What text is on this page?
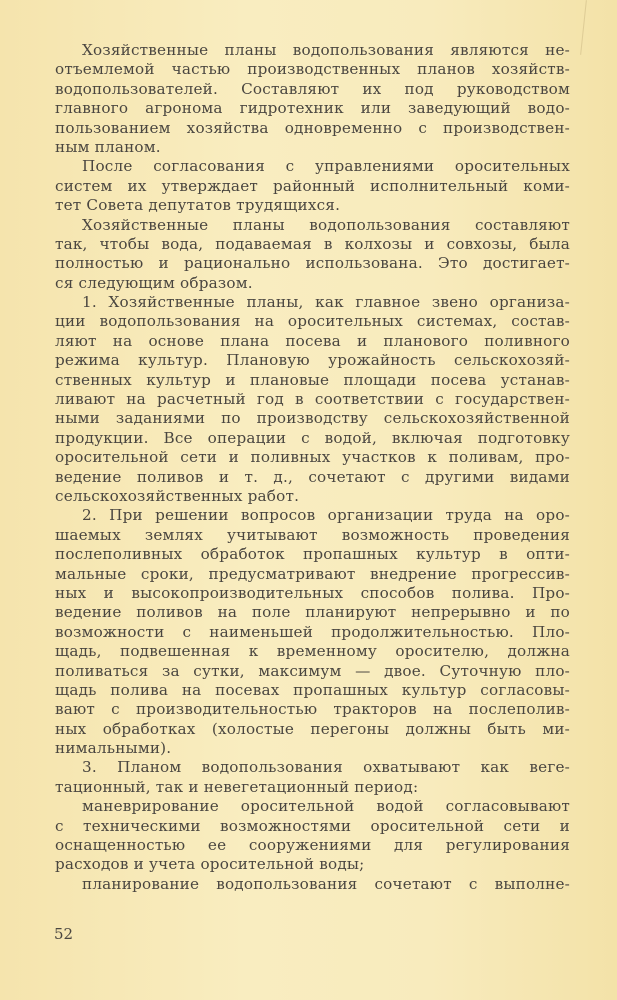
Хозяйственные планы водопользования являются не-
отъемлемой частью производственных планов хозяйств-
водопользователей. Составляют их под руководством
главного агронома гидротехник или заведующий водо-
пользованием хозяйства одновременно с производствен-
ным планом.
После согласования с управлениями оросительных
систем их утверждает районный исполнительный коми-
тет Совета депутатов трудящихся.
Хозяйственные планы водопользования составляют
так, чтобы вода, подаваемая в колхозы и совхозы, была
полностью и рационально использована. Это достигает-
ся следующим образом.
1. Хозяйственные планы, как главное звено организа-
ции водопользования на оросительных системах, состав-
ляют на основе плана посева и планового поливного
режима культур. Плановую урожайность сельскохозяй-
ственных культур и плановые площади посева устанав-
ливают на расчетный год в соответствии с государствен-
ными заданиями по производству сельскохозяйственной
продукции. Все операции с водой, включая подготовку
оросительной сети и поливных участков к поливам, про-
ведение поливов и т. д., сочетают с другими видами
сельскохозяйственных работ.
2. При решении вопросов организации труда на оро-
шаемых землях учитывают возможность проведения
послеполивных обработок пропашных культур в опти-
мальные сроки, предусматривают внедрение прогрессив-
ных и высокопроизводительных способов полива. Про-
ведение поливов на поле планируют непрерывно и по
возможности с наименьшей продолжительностью. Пло-
щадь, подвешенная к временному оросителю, должна
поливаться за сутки, максимум — двое. Суточную пло-
щадь полива на посевах пропашных культур согласовы-
вают с производительностью тракторов на послеполив-
ных обработках (холостые перегоны должны быть ми-
нимальными).
3. Планом водопользования охватывают как веге-
тационный, так и невегетационный период:
маневрирование оросительной водой согласовывают
с техническими возможностями оросительной сети и
оснащенностью ее сооружениями для регулирования
расходов и учета оросительной воды;
планирование водопользования сочетают с выполне-
52
